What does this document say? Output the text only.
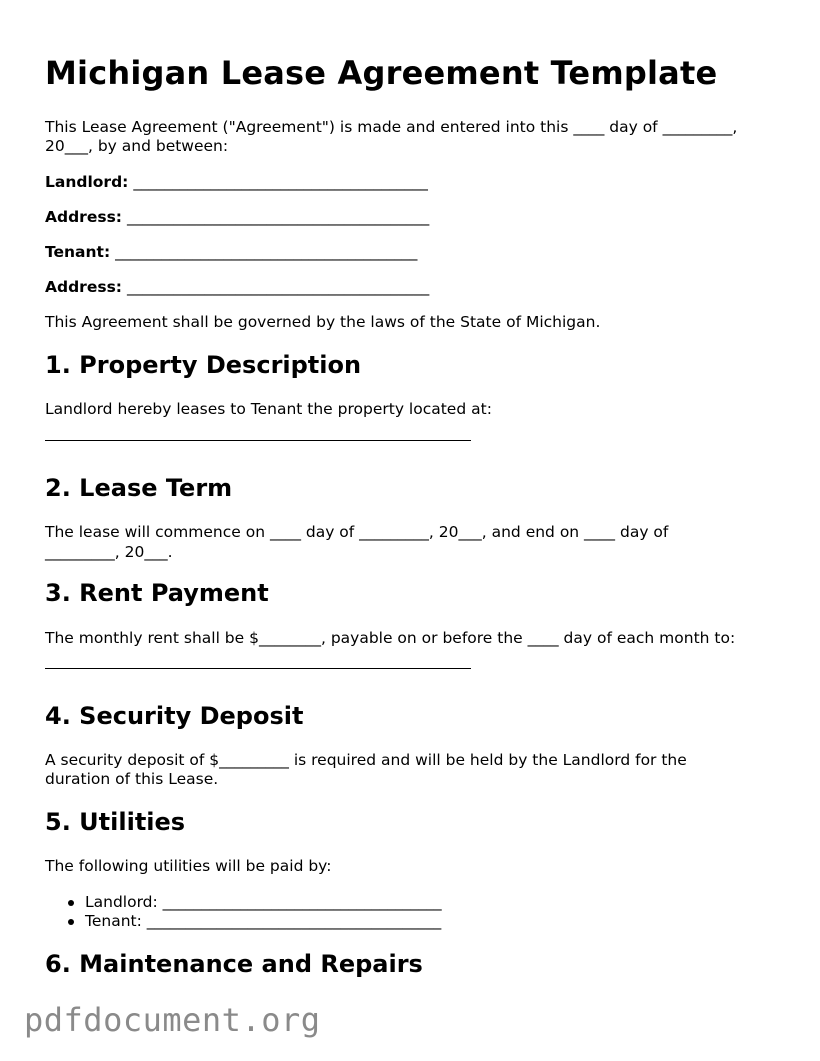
Michigan Lease Agreement Template
This Lease Agreement ("Agreement") is made and entered into this ____ day of _________,
20___, by and between:
Landlord: ______________________________________
Address: _______________________________________
Tenant: _______________________________________
Address: _______________________________________
This Agreement shall be governed by the laws of the State of Michigan.
1. Property Description
Landlord hereby leases to Tenant the property located at:
2. Lease Term
The lease will commence on ____ day of _________, 20___, and end on ____ day of
_________, 20___.
3. Rent Payment
The monthly rent shall be $________, payable on or before the ____ day of each month to:
4. Security Deposit
A security deposit of $_________ is required and will be held by the Landlord for the
duration of this Lease.
5. Utilities
The following utilities will be paid by:
Landlord: ____________________________________
Tenant: ______________________________________
6. Maintenance and Repairs
pdfdocument.org
